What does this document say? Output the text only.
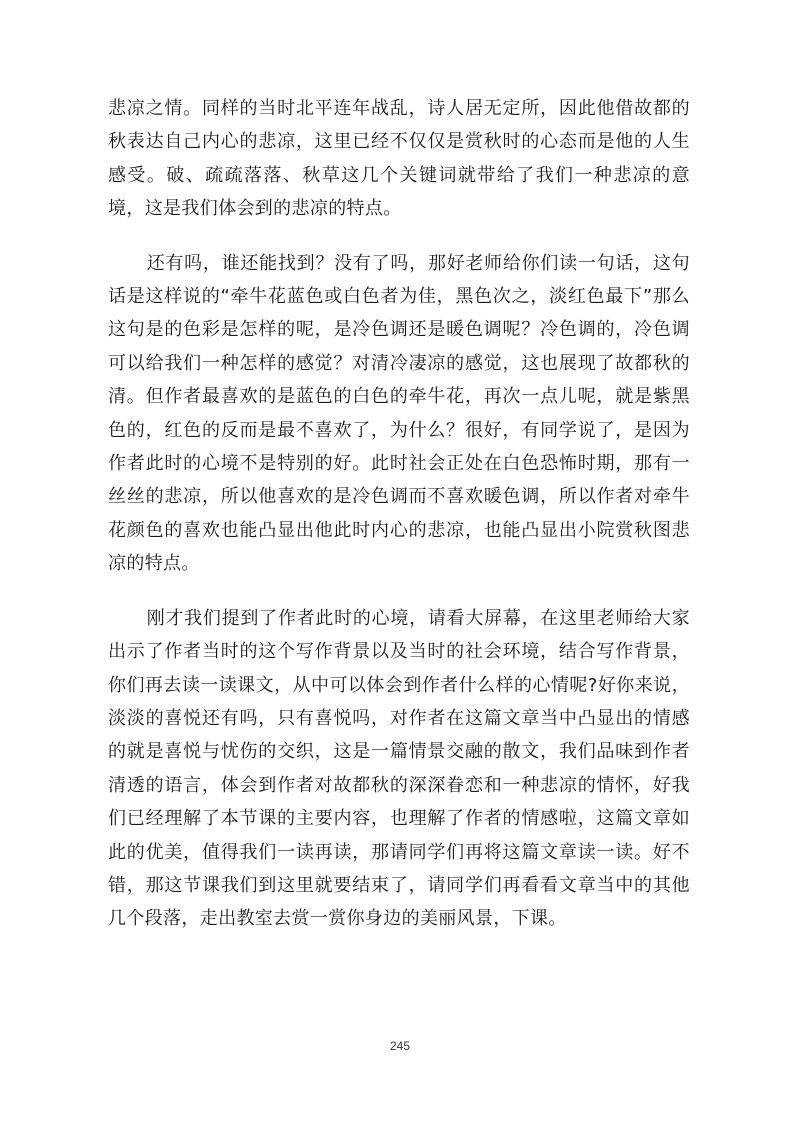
悲凉之情。同样的当时北平连年战乱，诗人居无定所，因此他借故都的秋表达自己内心的悲凉，这里已经不仅仅是赏秋时的心态而是他的人生感受。破、疏疏落落、秋草这几个关键词就带给了我们一种悲凉的意境，这是我们体会到的悲凉的特点。

还有吗，谁还能找到？没有了吗，那好老师给你们读一句话，这句话是这样说的“牵牛花蓝色或白色者为佳，黑色次之，淡红色最下”那么这句是的色彩是怎样的呢，是冷色调还是暖色调呢？冷色调的，冷色调可以给我们一种怎样的感觉？对清冷凄凉的感觉，这也展现了故都秋的清。但作者最喜欢的是蓝色的白色的牵牛花，再次一点儿呢，就是紫黑色的，红色的反而是最不喜欢了，为什么？很好，有同学说了，是因为作者此时的心境不是特别的好。此时社会正处在白色恐怖时期，那有一丝丝的悲凉，所以他喜欢的是冷色调而不喜欢暖色调，所以作者对牵牛花颜色的喜欢也能凸显出他此时内心的悲凉，也能凸显出小院赏秋图悲凉的特点。

刚才我们提到了作者此时的心境，请看大屏幕，在这里老师给大家出示了作者当时的这个写作背景以及当时的社会环境，结合写作背景，你们再去读一读课文，从中可以体会到作者什么样的心情呢?好你来说，淡淡的喜悦还有吗，只有喜悦吗，对作者在这篇文章当中凸显出的情感的就是喜悦与忧伤的交织，这是一篇情景交融的散文，我们品味到作者清透的语言，体会到作者对故都秋的深深眷恋和一种悲凉的情怀，好我们已经理解了本节课的主要内容，也理解了作者的情感啦，这篇文章如此的优美，值得我们一读再读，那请同学们再将这篇文章读一读。好不错，那这节课我们到这里就要结束了，请同学们再看看文章当中的其他几个段落，走出教室去赏一赏你身边的美丽风景，下课。

245
